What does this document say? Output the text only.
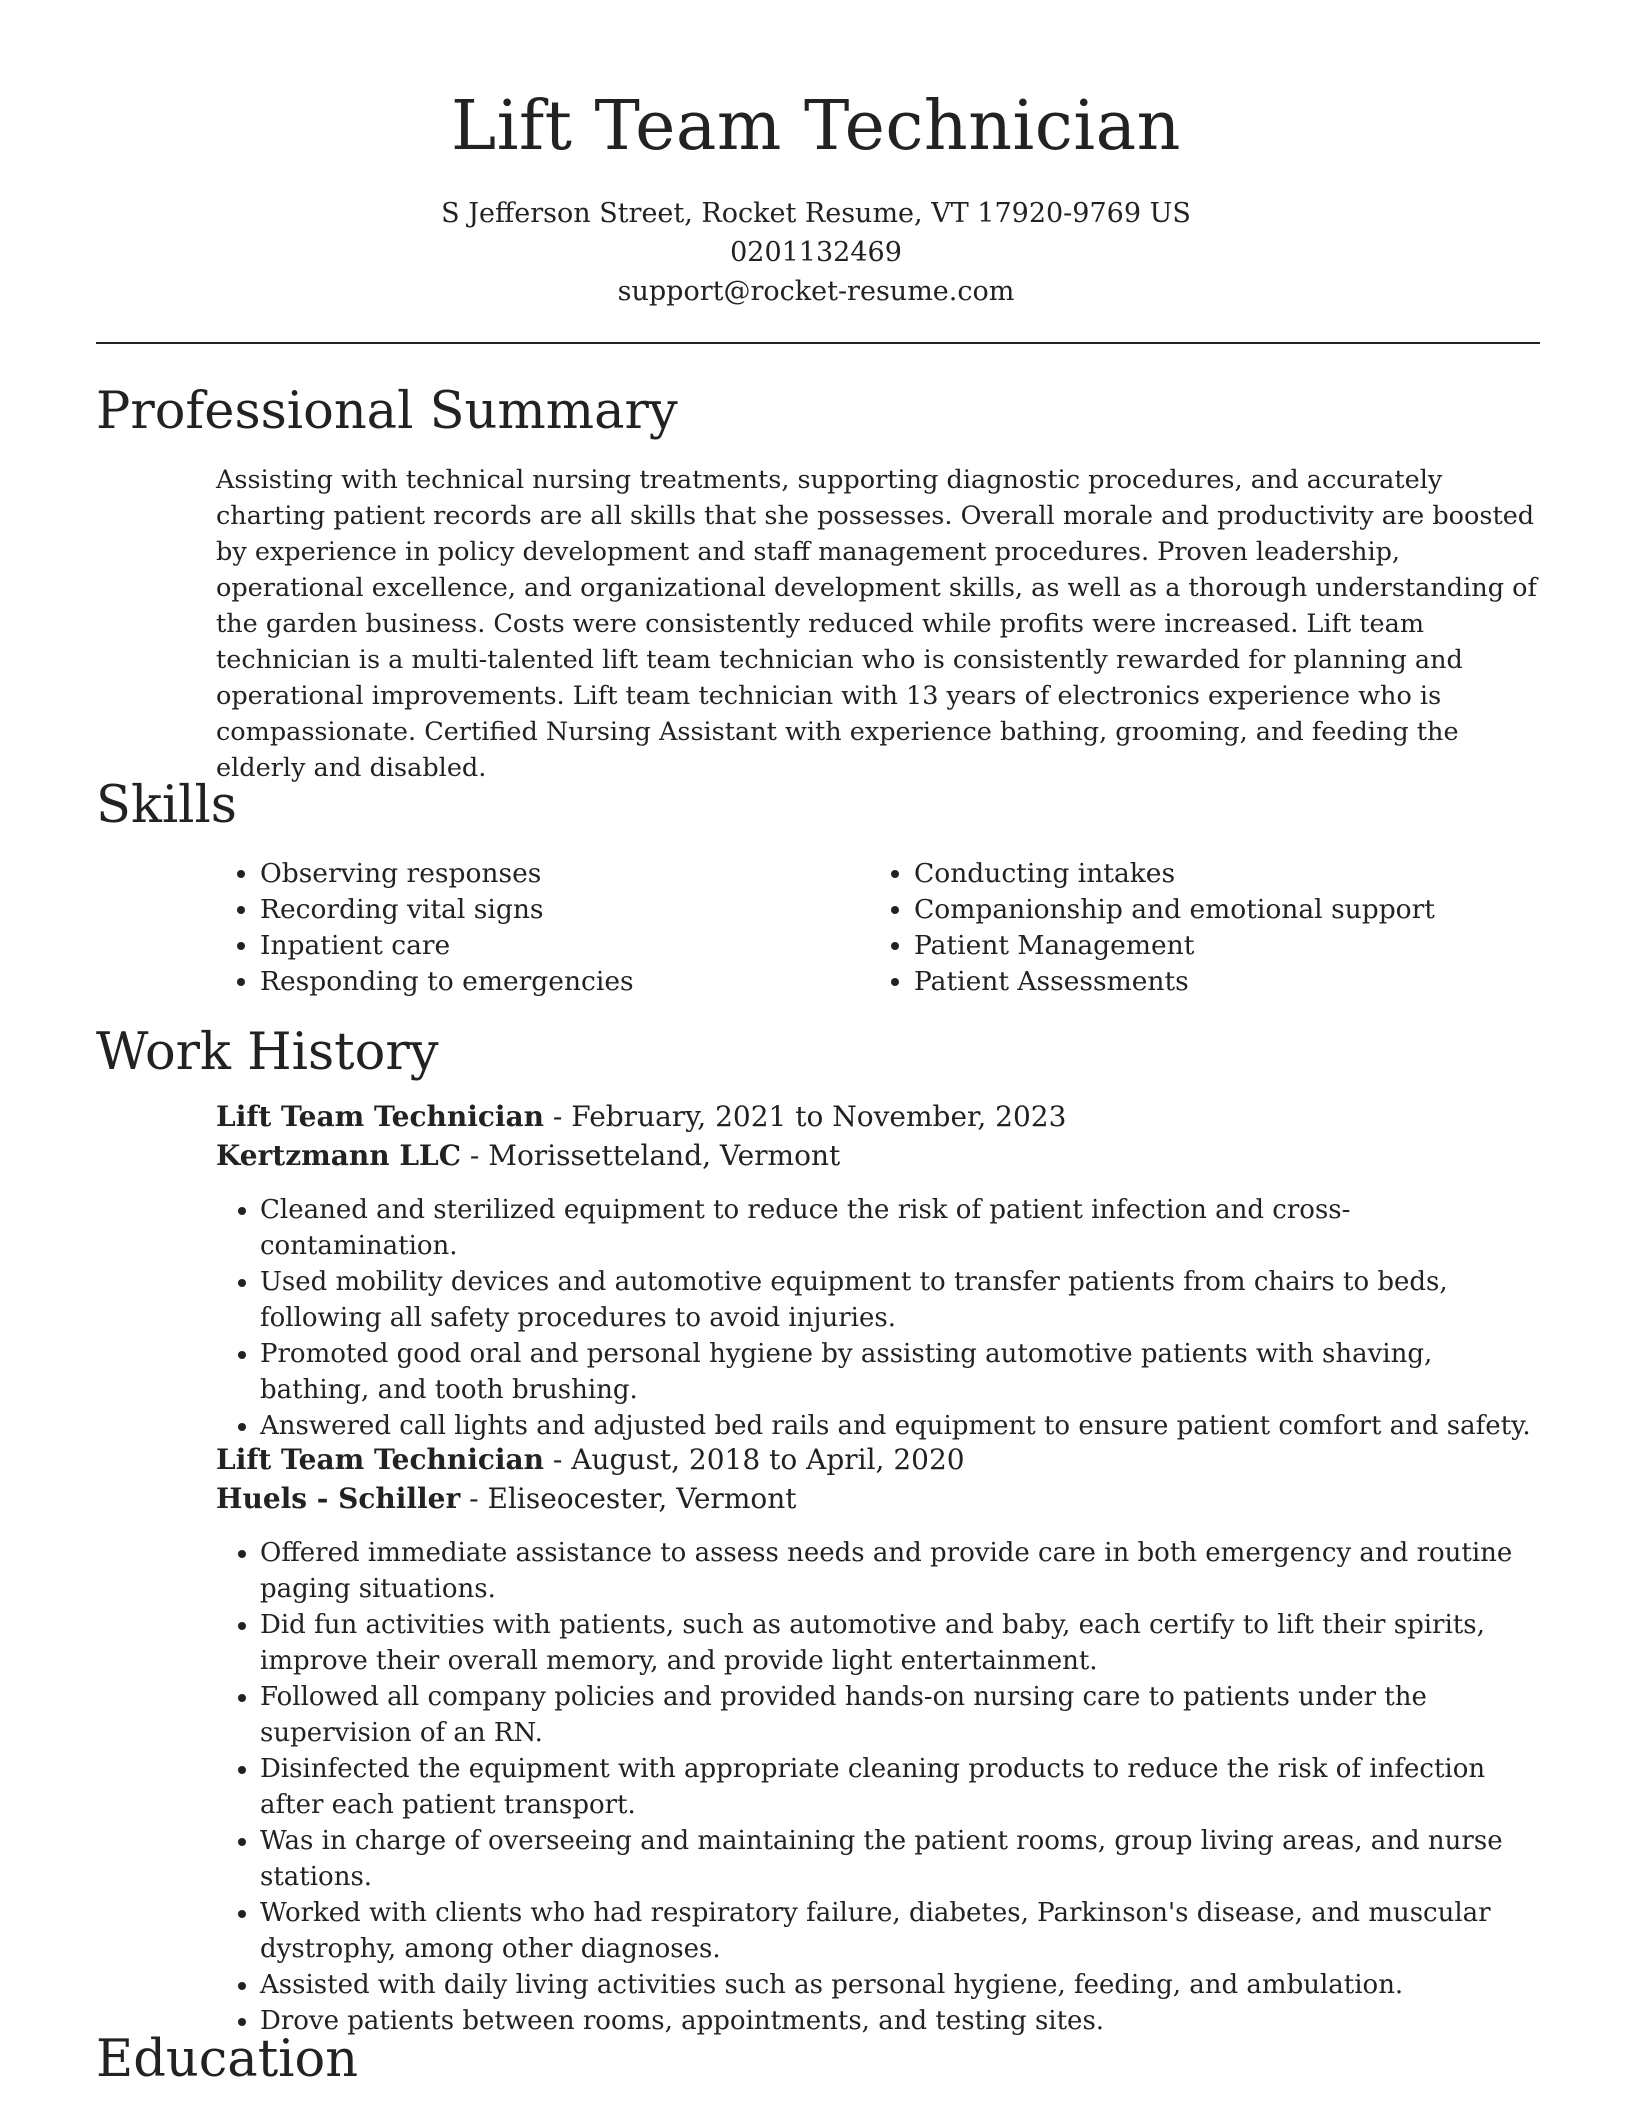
Lift Team Technician
S Jefferson Street, Rocket Resume, VT 17920-9769 US
0201132469
support@rocket-resume.com
Professional Summary

Assisting with technical nursing treatments, supporting diagnostic procedures, and accurately charting patient records are all skills that she possesses. Overall morale and productivity are boosted by experience in policy development and staff management procedures. Proven leadership, operational excellence, and organizational development skills, as well as a thorough understanding of the garden business. Costs were consistently reduced while profits were increased. Lift team technician is a multi-talented lift team technician who is consistently rewarded for planning and operational improvements. Lift team technician with 13 years of electronics experience who is compassionate. Certified Nursing Assistant with experience bathing, grooming, and feeding the elderly and disabled.

Skills
• Observing responses
• Recording vital signs
• Inpatient care
• Responding to emergencies
• Conducting intakes
• Companionship and emotional support
• Patient Management
• Patient Assessments
Work History
Lift Team Technician - February, 2021 to November, 2023
Kertzmann LLC - Morissetteland, Vermont
• Cleaned and sterilized equipment to reduce the risk of patient infection and cross-contamination.
• Used mobility devices and automotive equipment to transfer patients from chairs to beds, following all safety procedures to avoid injuries.
• Promoted good oral and personal hygiene by assisting automotive patients with shaving, bathing, and tooth brushing.
• Answered call lights and adjusted bed rails and equipment to ensure patient comfort and safety.
Lift Team Technician - August, 2018 to April, 2020
Huels - Schiller - Eliseocester, Vermont
• Offered immediate assistance to assess needs and provide care in both emergency and routine paging situations.
• Did fun activities with patients, such as automotive and baby, each certify to lift their spirits, improve their overall memory, and provide light entertainment.
• Followed all company policies and provided hands-on nursing care to patients under the supervision of an RN.
• Disinfected the equipment with appropriate cleaning products to reduce the risk of infection after each patient transport.
• Was in charge of overseeing and maintaining the patient rooms, group living areas, and nurse stations.
• Worked with clients who had respiratory failure, diabetes, Parkinson's disease, and muscular dystrophy, among other diagnoses.
• Assisted with daily living activities such as personal hygiene, feeding, and ambulation.
• Drove patients between rooms, appointments, and testing sites.
Education
